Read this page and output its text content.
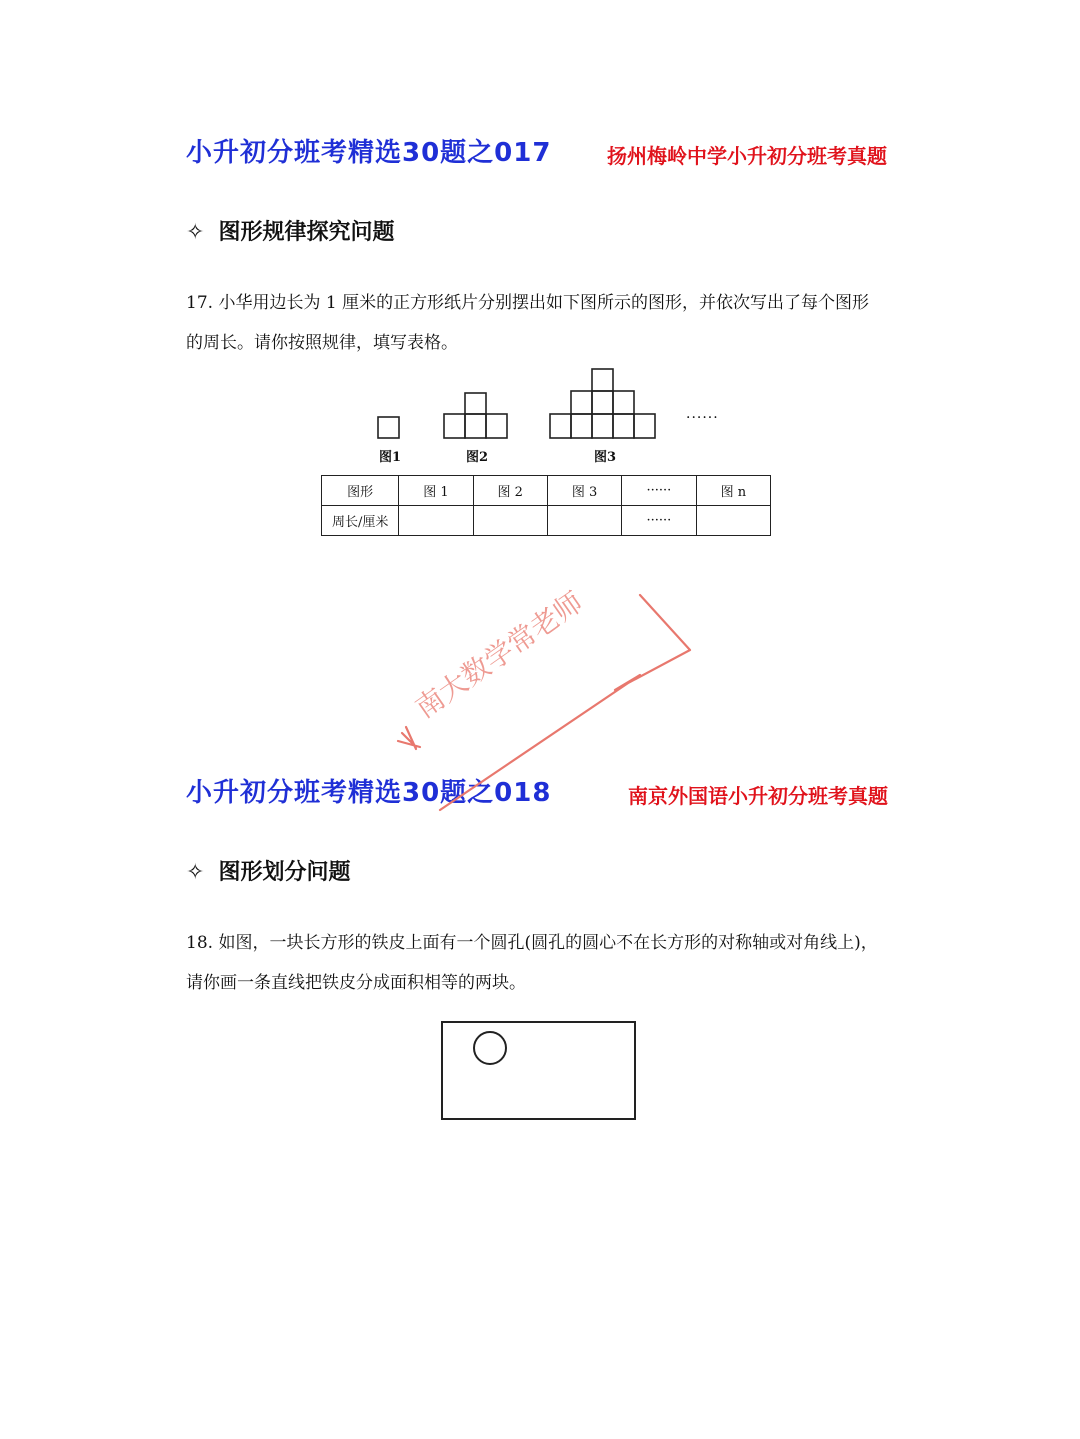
小升初分班考精选30题之017	扬州梅岭中学小升初分班考真题
✧ 图形规律探究问题
17. 小华用边长为 1 厘米的正方形纸片分别摆出如下图所示的图形，并依次写出了每个图形
的周长。请你按照规律，填写表格。
······
图1	图2	图3
图形	图 1	图 2	图 3	······	图 n
周长/厘米				······	
小升初分班考精选30题之018	南京外国语小升初分班考真题
✧ 图形划分问题
18. 如图，一块长方形的铁皮上面有一个圆孔(圆孔的圆心不在长方形的对称轴或对角线上)，
请你画一条直线把铁皮分成面积相等的两块。
南大数学常老师
